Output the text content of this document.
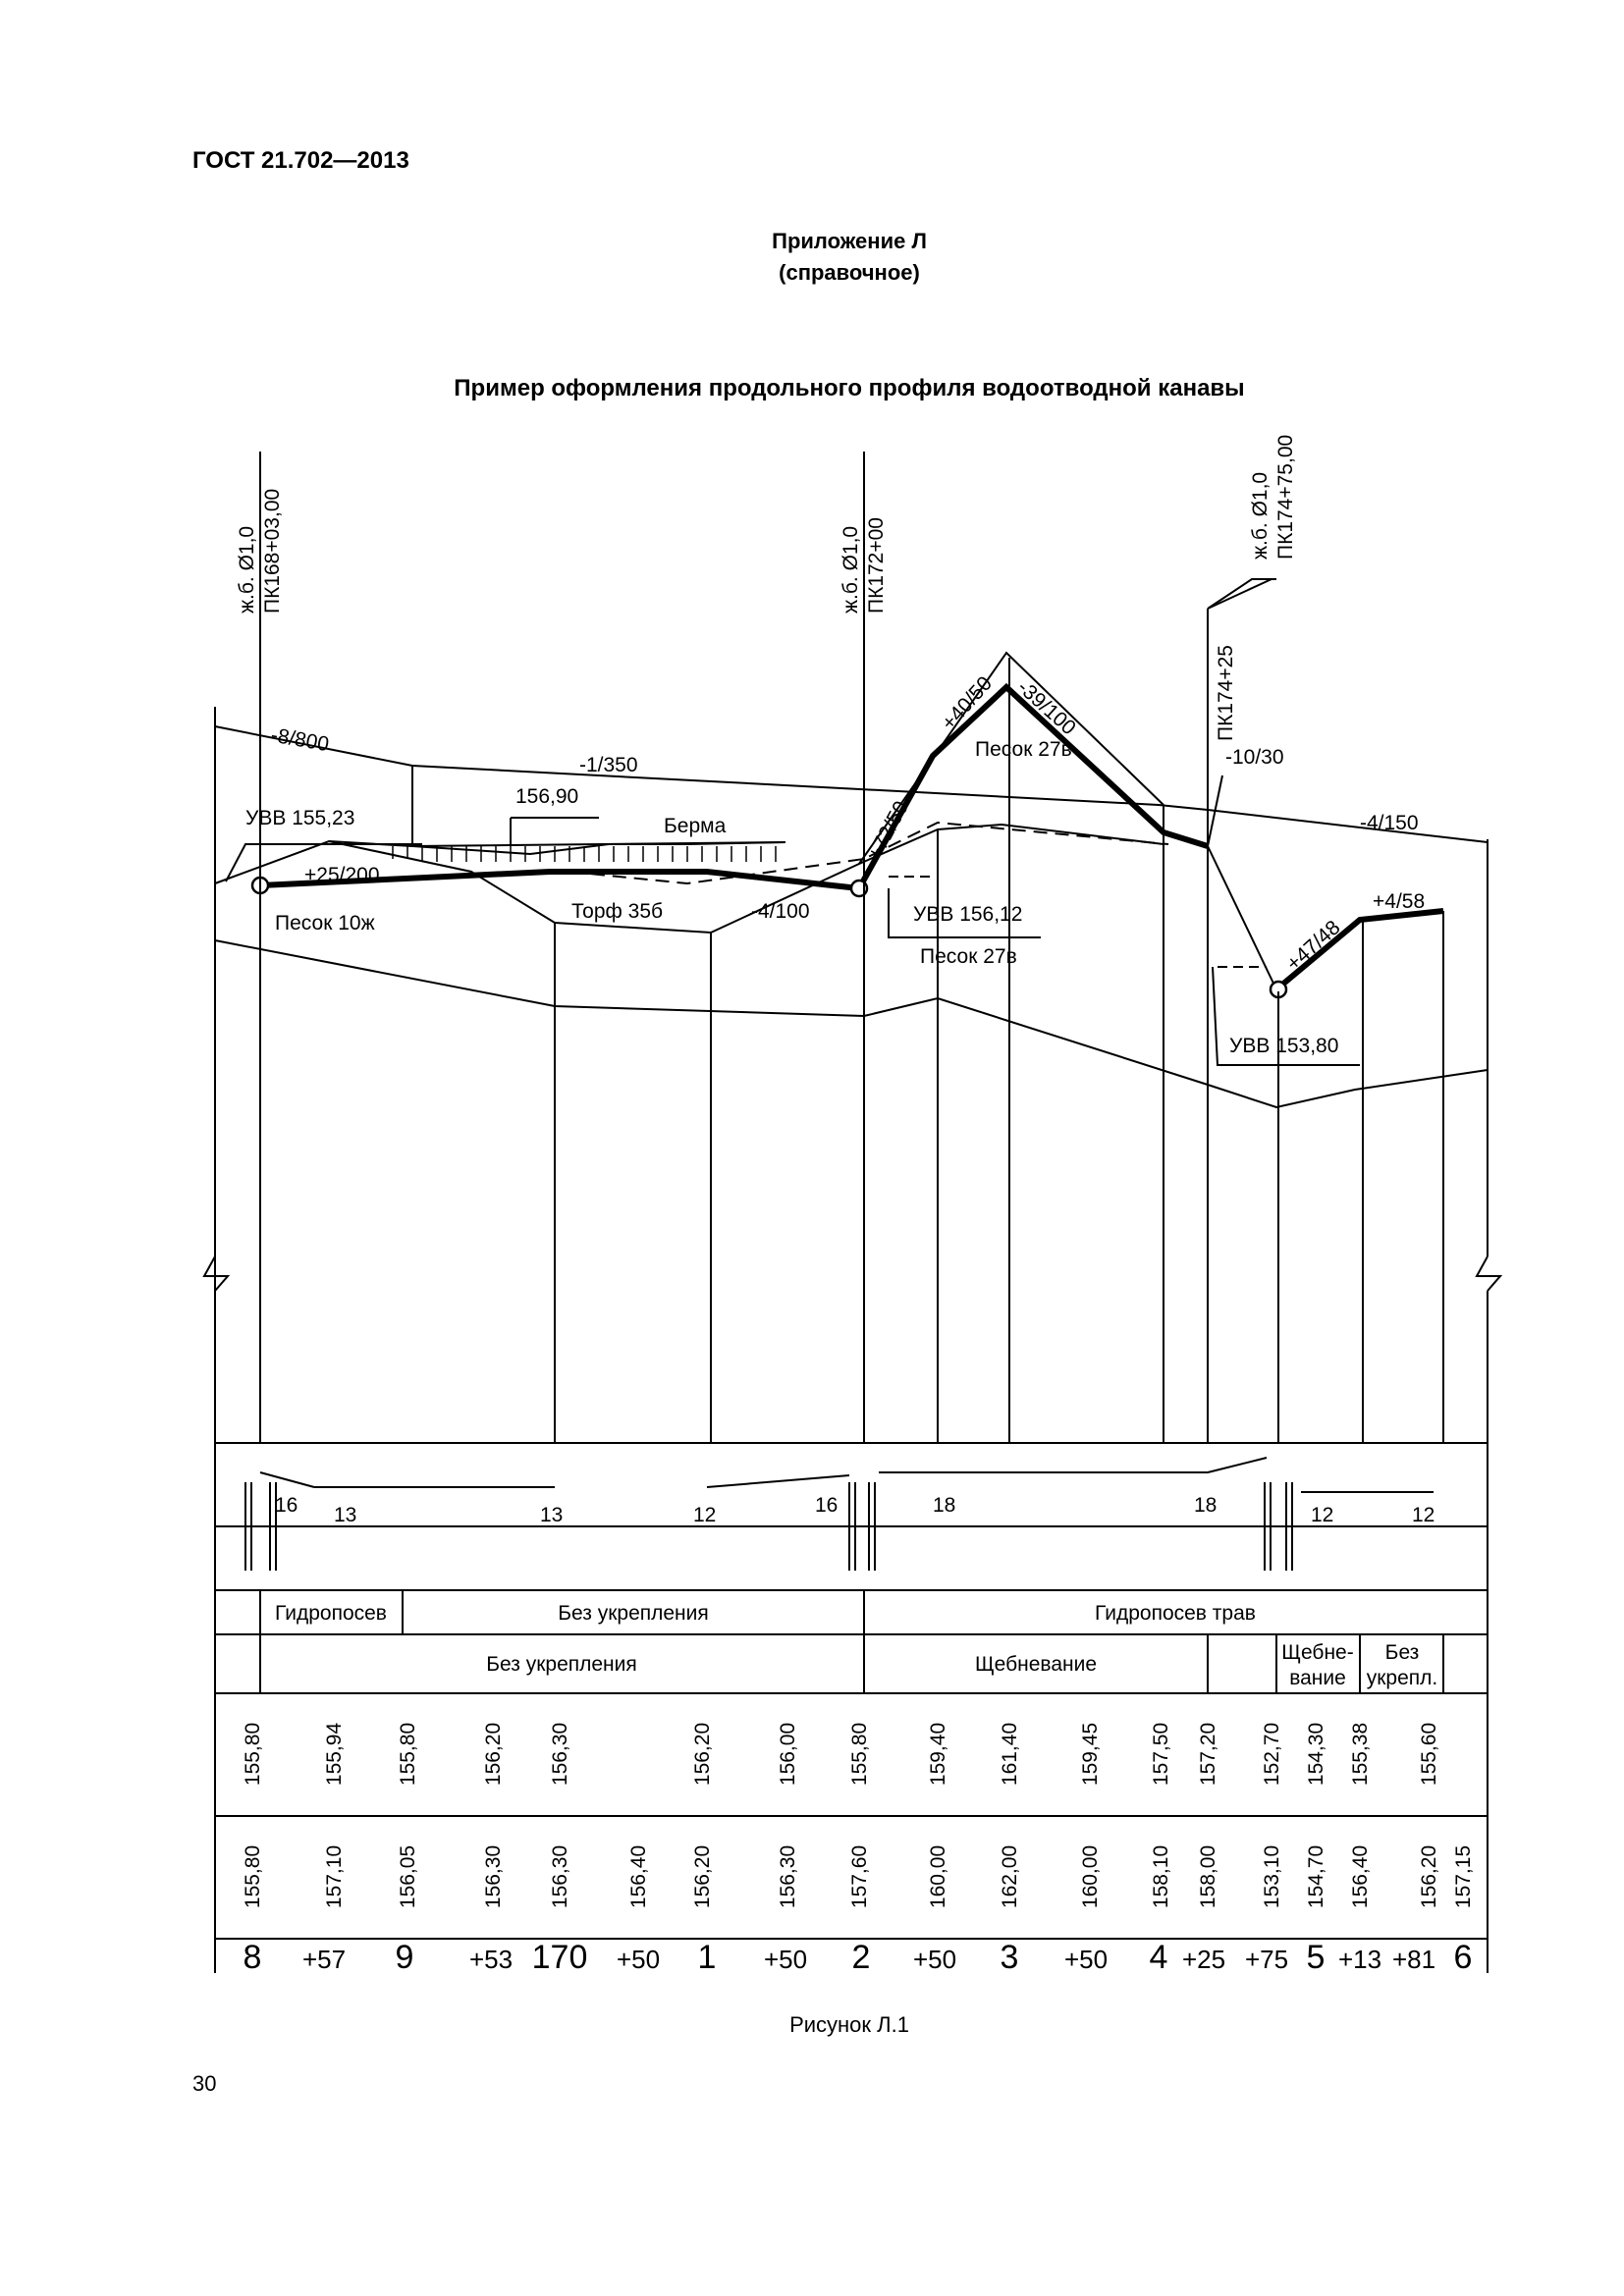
ГОСТ 21.702—2013
Приложение Л
(справочное)
Пример оформления продольного профиля водоотводной канавы
ж.б. Ø1,0 ПК168+03,00	ж.б. Ø1,0 ПК172+00
ж.б. Ø1,0 ПК174+75,00
ПК174+25
-8/800
-1/350	-10/30
-4/150
+25/200
-4/100
+72/50
+40/50 -39/100
+47/48
+4/58
УВВ 155,23
УВВ 156,12
УВВ 153,80
Берма
156,90
Песок 10ж
Торф 35б
Песок 27в
Песок 27в
16 13	13	12	16	18	18	12	12
Гидропосев	Без укрепления	Гидропосев трав
Без укрепления	Щебневание
Щебне-
вание
Без
укрепл.
155,80	155,94 155,80	156,20 156,30	156,20	156,00 155,80	159,40 161,40	159,45 157,50 157,20 152,70 154,30 155,38 155,60
155,80	157,10 156,05	156,30 156,30	156,40 156,20	156,30 157,60	160,00 162,00	160,00 158,10 158,00 153,10 154,70 156,40 156,20 157,15
8 +57 9 +53 170 +50 1 +50 2 +50 3 +50 4 +25 +75 5 +13 +81 6
Рисунок Л.1
30
